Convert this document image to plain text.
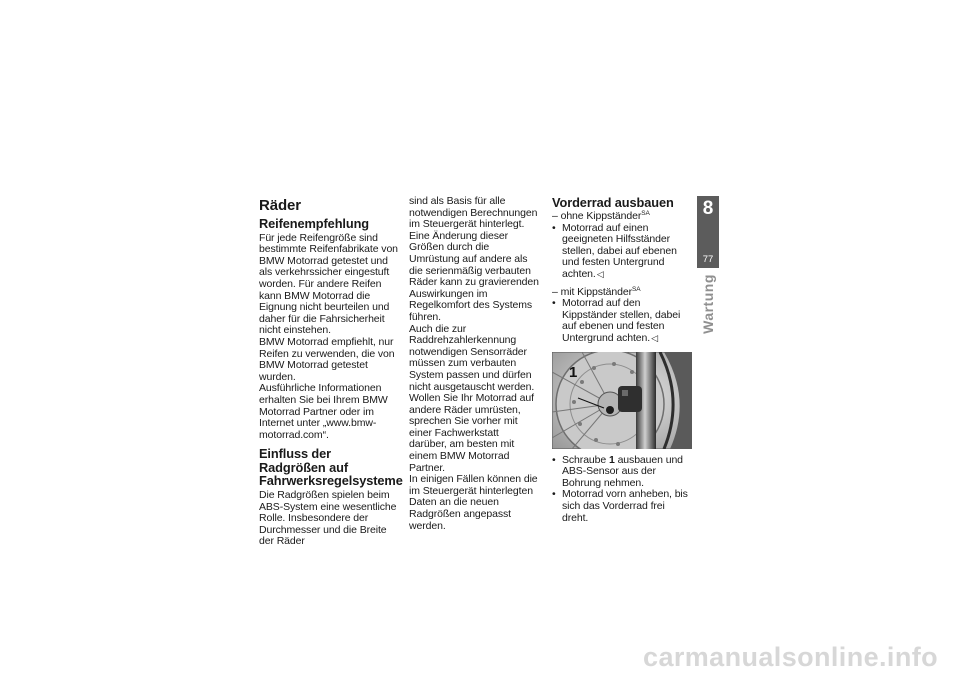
Räder
Reifenempfehlung

Für jede Reifengröße sind bestimmte Reifenfabrikate von BMW Motorrad getestet und als verkehrssicher eingestuft worden. Für andere Reifen kann BMW Motorrad die Eignung nicht beurteilen und daher für die Fahrsicherheit nicht einstehen.

BMW Motorrad empfiehlt, nur Reifen zu verwenden, die von BMW Motorrad getestet wurden.

Ausführliche Informationen erhalten Sie bei Ihrem BMW Motorrad Partner oder im Internet unter „www.bmw-motorrad.com“.

Einfluss der Radgrößen auf Fahrwerksregelsysteme

Die Radgrößen spielen beim ABS-System eine wesentliche Rolle. Insbesondere der Durchmesser und die Breite der Räder

sind als Basis für alle notwendigen Berechnungen im Steuergerät hinterlegt. Eine Änderung dieser Größen durch die Umrüstung auf andere als die serienmäßig verbauten Räder kann zu gravierenden Auswirkungen im Regelkomfort des Systems führen.

Auch die zur Raddrehzahlerkennung notwendigen Sensorräder müssen zum verbauten System passen und dürfen nicht ausgetauscht werden.

Wollen Sie Ihr Motorrad auf andere Räder umrüsten, sprechen Sie vorher mit einer Fachwerkstatt darüber, am besten mit einem BMW Motorrad Partner.

In einigen Fällen können die im Steuergerät hinterlegten Daten an die neuen Radgrößen angepasst werden.

Vorderrad ausbauen

– ohne Kippständer$^{SA}$

• Motorrad auf einen geeigneten Hilfsständer stellen, dabei auf ebenen und festen Untergrund achten.◁

– mit Kippständer$^{SA}$

• Motorrad auf den Kippständer stellen, dabei auf ebenen und festen Untergrund achten.◁
1
• Schraube 1 ausbauen und ABS-Sensor aus der Bohrung nehmen.
• Motorrad vorn anheben, bis sich das Vorderrad frei dreht.
8
77
Wartung
carmanualsonline.info
